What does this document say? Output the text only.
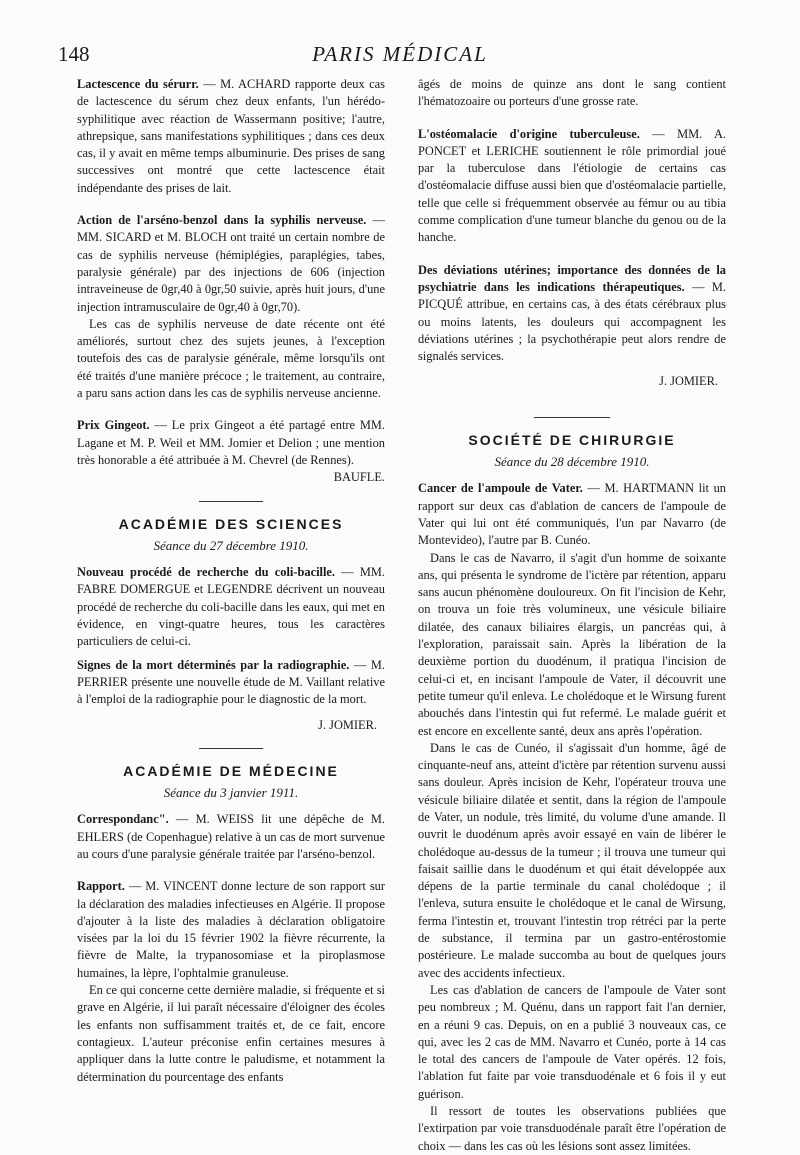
148	PARIS MÉDICAL

Lactescence du sérurr. — M. ACHARD rapporte deux cas de lactescence du sérum chez deux enfants, l'un hérédo-syphilitique avec réaction de Wassermann positive; l'autre, athrepsique, sans manifestations syphilitiques ; dans ces deux cas, il y avait en même temps albuminurie. Des prises de sang successives ont montré que cette lactescence était indépendante des prises de lait.

Action de l'arséno-benzol dans la syphilis nerveuse. — MM. SICARD et M. BLOCH ont traité un certain nombre de cas de syphilis nerveuse (hémiplégies, paraplégies, tabes, paralysie générale) par des injections de 606 (injection intraveineuse de 0gr,40 à 0gr,50 suivie, après huit jours, d'une injection intramusculaire de 0gr,40 à 0gr,70).

Les cas de syphilis nerveuse de date récente ont été améliorés, surtout chez des sujets jeunes, à l'exception toutefois des cas de paralysie générale, même lorsqu'ils ont été traités d'une manière précoce ; le traitement, au contraire, a paru sans action dans les cas de syphilis nerveuse ancienne.

Prix Gingeot. — Le prix Gingeot a été partagé entre MM. Lagane et M. P. Weil et MM. Jomier et Delion ; une mention très honorable a été attribuée à M. Chevrel (de Rennes).
BAUFLE.

ACADÉMIE DES SCIENCES
Séance du 27 décembre 1910.

Nouveau procédé de recherche du coli-bacille. — MM. FABRE DOMERGUE et LEGENDRE décrivent un nouveau procédé de recherche du coli-bacille dans les eaux, qui met en évidence, en vingt-quatre heures, tous les caractères particuliers de celui-ci.

Signes de la mort déterminés par la radiographie. — M. PERRIER présente une nouvelle étude de M. Vaillant relative à l'emploi de la radiographie pour le diagnostic de la mort.

J. JOMIER.
ACADÉMIE DE MÉDECINE
Séance du 3 janvier 1911.

Correspondanc". — M. WEISS lit une dépêche de M. EHLERS (de Copenhague) relative à un cas de mort survenue au cours d'une paralysie générale traitée par l'arséno-benzol.

Rapport. — M. VINCENT donne lecture de son rapport sur la déclaration des maladies infectieuses en Algérie. Il propose d'ajouter à la liste des maladies à déclaration obligatoire visées par la loi du 15 février 1902 la fièvre récurrente, la fièvre de Malte, la trypanosomiase et la piroplasmose humaines, la lèpre, l'ophtalmie granuleuse.

En ce qui concerne cette dernière maladie, si fréquente et si grave en Algérie, il lui paraît nécessaire d'éloigner des écoles les enfants non suffisamment traités et, de ce fait, encore contagieux. L'auteur préconise enfin certaines mesures à appliquer dans la lutte contre le paludisme, et notamment la détermination du pourcentage des enfants

âgés de moins de quinze ans dont le sang contient l'hématozoaire ou porteurs d'une grosse rate.

L'ostéomalacie d'origine tuberculeuse. — MM. A. PONCET et LERICHE soutiennent le rôle primordial joué par la tuberculose dans l'étiologie de certains cas d'ostéomalacie diffuse aussi bien que d'ostéomalacie partielle, telle que celle si fréquemment observée au fémur ou au tibia comme complication d'une tumeur blanche du genou ou de la hanche.

Des déviations utérines; importance des données de la psychiatrie dans les indications thérapeutiques. — M. PICQUÉ attribue, en certains cas, à des états cérébraux plus ou moins latents, les douleurs qui accompagnent les déviations utérines ; la psychothérapie peut alors rendre de signalés services.

J. JOMIER.
SOCIÉTÉ DE CHIRURGIE
Séance du 28 décembre 1910.

Cancer de l'ampoule de Vater. — M. HARTMANN lit un rapport sur deux cas d'ablation de cancers de l'ampoule de Vater qui lui ont été communiqués, l'un par Navarro (de Montevideo), l'autre par B. Cunéo.

Dans le cas de Navarro, il s'agit d'un homme de soixante ans, qui présenta le syndrome de l'ictère par rétention, apparu sans aucun phénomène douloureux. On fit l'incision de Kehr, on trouva un foie très volumineux, une vésicule biliaire dilatée, des canaux biliaires élargis, un pancréas qui, à l'exploration, paraissait sain. Après la libération de la deuxième portion du duodénum, il pratiqua l'incision de celui-ci et, en incisant l'ampoule de Vater, il découvrit une petite tumeur qu'il enleva. Le cholédoque et le Wirsung furent abouchés dans l'intestin qui fut refermé. Le malade guérit et est encore en excellente santé, deux ans après l'opération.

Dans le cas de Cunéo, il s'agissait d'un homme, âgé de cinquante-neuf ans, atteint d'ictère par rétention survenu aussi sans douleur. Après incision de Kehr, l'opérateur trouva une vésicule biliaire dilatée et sentit, dans la région de l'ampoule de Vater, un nodule, très limité, du volume d'une amande. Il ouvrit le duodénum après avoir essayé en vain de libérer le cholédoque au-dessus de la tumeur ; il trouva une tumeur qui faisait saillie dans le duodénum et qui était développée aux dépens de la partie terminale du canal cholédoque ; il l'enleva, sutura ensuite le cholédoque et le canal de Wirsung, ferma l'intestin et, trouvant l'intestin trop rétréci par la perte de substance, il termina par un gastro-entérostomie postérieure. Le malade succomba au bout de quelques jours avec des accidents infectieux.

Les cas d'ablation de cancers de l'ampoule de Vater sont peu nombreux ; M. Quénu, dans un rapport fait l'an dernier, en a réuni 9 cas. Depuis, on en a publié 3 nouveaux cas, ce qui, avec les 2 cas de MM. Navarro et Cunéo, porte à 14 cas le total des cancers de l'ampoule de Vater opérés. 12 fois, l'ablation fut faite par voie transduodénale et 6 fois il y eut guérison.

Il ressort de toutes les observations publiées que l'extirpation par voie transduodénale paraît être l'opération de choix — dans les cas où les lésions sont assez limitées.
